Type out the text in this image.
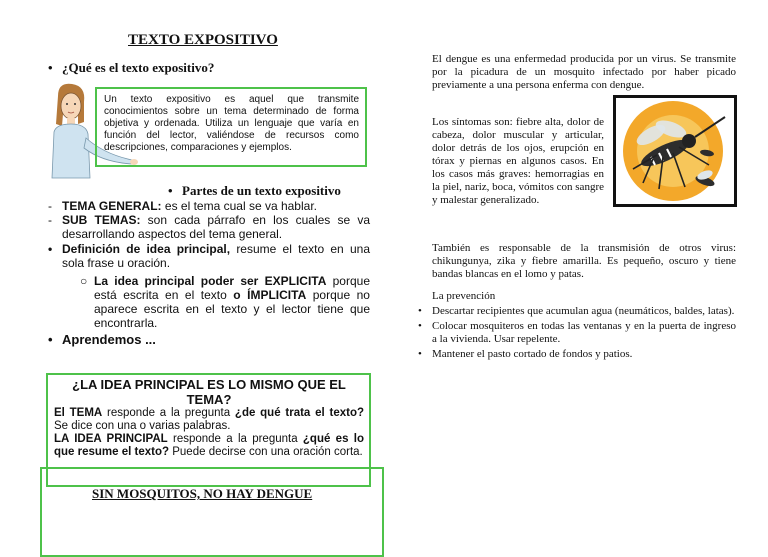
TEXTO EXPOSITIVO
• ¿Qué es el texto expositivo?
Un texto expositivo es aquel que transmite conocimientos sobre un tema determinado de forma objetiva y ordenada. Utiliza un lenguaje que varía en función del lector, valiéndose de recursos como descripciones, comparaciones y ejemplos.
• Partes de un texto expositivo
- TEMA GENERAL: es el tema cual se va hablar.
- SUB TEMAS: son cada párrafo en los cuales se va desarrollando aspectos del tema general.
• Definición de idea principal, resume el texto en una sola frase u oración.
○ La idea principal poder ser EXPLICITA porque está escrita en el texto o ÍMPLICITA porque no aparece escrita en el texto y el lector tiene que encontrarla.
• Aprendemos ...
¿LA IDEA PRINCIPAL ES LO MISMO QUE EL TEMA?
El TEMA responde a la pregunta ¿de qué trata el texto? Se dice con una o varias palabras.
LA IDEA PRINCIPAL responde a la pregunta ¿qué es lo que resume el texto? Puede decirse con una oración corta.
SIN MOSQUITOS, NO HAY DENGUE
El dengue es una enfermedad producida por un virus. Se transmite por la picadura de un mosquito infectado por haber picado previamente a una persona enferma con dengue.
Los síntomas son: fiebre alta, dolor de cabeza, dolor muscular y articular, dolor detrás de los ojos, erupción en tórax y piernas en algunos casos. En los casos más graves: hemorragias en la piel, nariz, boca, vómitos con sangre y malestar generalizado.
También es responsable de la transmisión de otros virus: chikungunya, zika y fiebre amarilla. Es pequeño, oscuro y tiene bandas blancas en el lomo y patas.
La prevención
• Descartar recipientes que acumulan agua (neumáticos, baldes, latas).
• Colocar mosquiteros en todas las ventanas y en la puerta de ingreso a la vivienda. Usar repelente.
• Mantener el pasto cortado de fondos y patios.
